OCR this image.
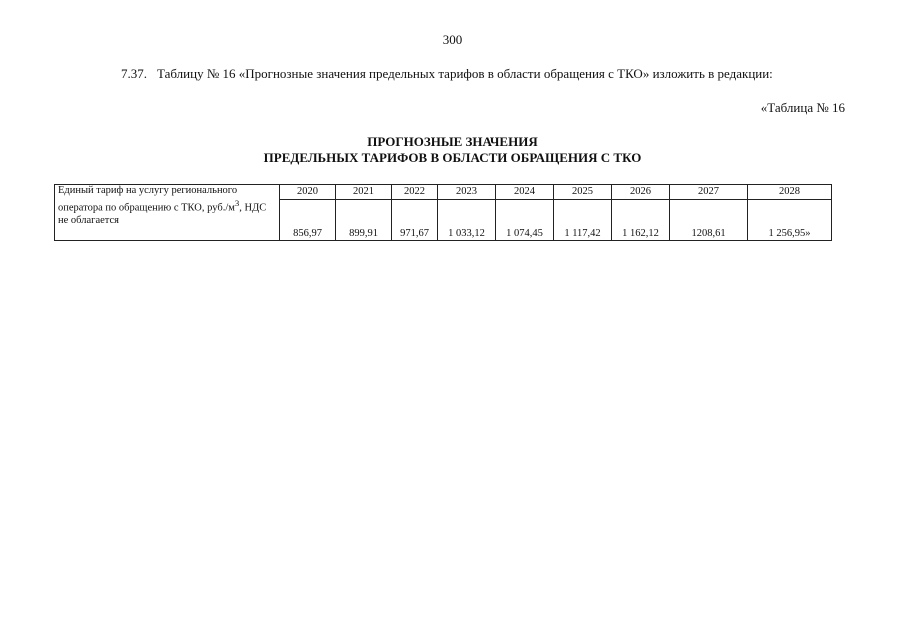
300
7.37. Таблицу № 16 «Прогнозные значения предельных тарифов в области обращения с ТКО» изложить в редакции:
«Таблица № 16
ПРОГНОЗНЫЕ ЗНАЧЕНИЯ
ПРЕДЕЛЬНЫХ ТАРИФОВ В ОБЛАСТИ ОБРАЩЕНИЯ С ТКО
Единый тариф на услугу регионального оператора по обращению с ТКО, $руб./м^3$, НДС не облагается	2020	2021	2022	2023	2024	2025	2026	2027	2028
	856,97	899,91	971,67	1 033,12	1 074,45	1 117,42	1 162,12	1208,61	1 256,95»
